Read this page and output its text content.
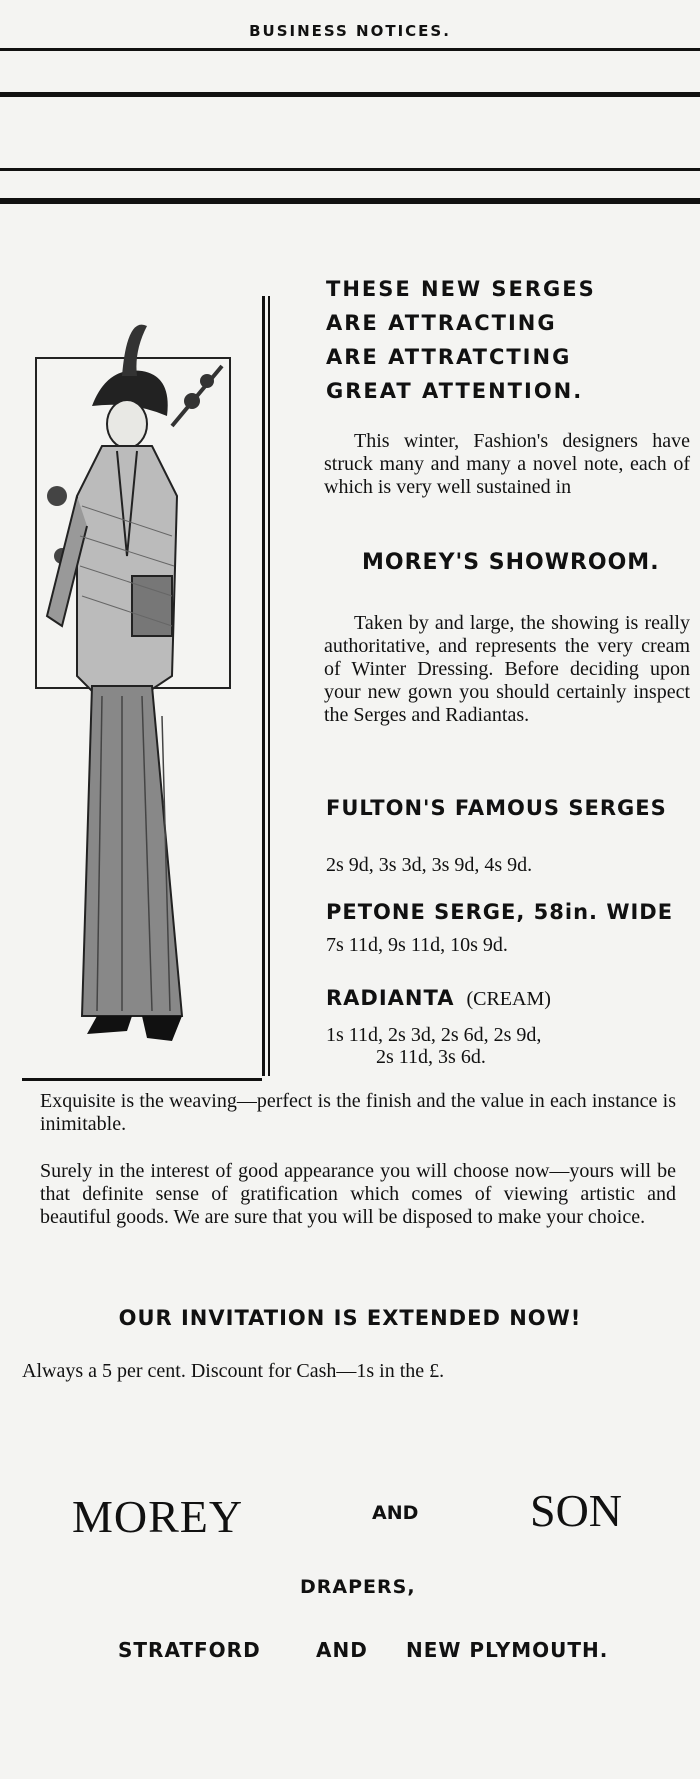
BUSINESS NOTICES.
THESE NEW SERGES
ARE ATTRACTING
ARE ATTRATCTING
GREAT ATTENTION.
This winter, Fashion's designers have struck many and many a novel note, each of which is very well sustained in
MOREY'S SHOWROOM.
Taken by and large, the showing is really authoritative, and represents the very cream of Winter Dressing. Before deciding upon your new gown you should certainly inspect the Serges and Radiantas.
FULTON'S FAMOUS SERGES
2s 9d, 3s 3d, 3s 9d, 4s 9d.
PETONE SERGE, 58in. WIDE
7s 11d, 9s 11d, 10s 9d.
RADIANTA (CREAM)
1s 11d, 2s 3d, 2s 6d, 2s 9d,
2s 11d, 3s 6d.
Exquisite is the weaving—perfect is the finish and the value in each instance is inimitable.
Surely in the interest of good appearance you will choose now—yours will be that definite sense of gratification which comes of viewing artistic and beautiful goods. We are sure that you will be disposed to make your choice.
OUR INVITATION IS EXTENDED NOW!
Always a 5 per cent. Discount for Cash—1s in the £.
MOREY	AND SON
DRAPERS,
STRATFORD	AND NEW PLYMOUTH.
